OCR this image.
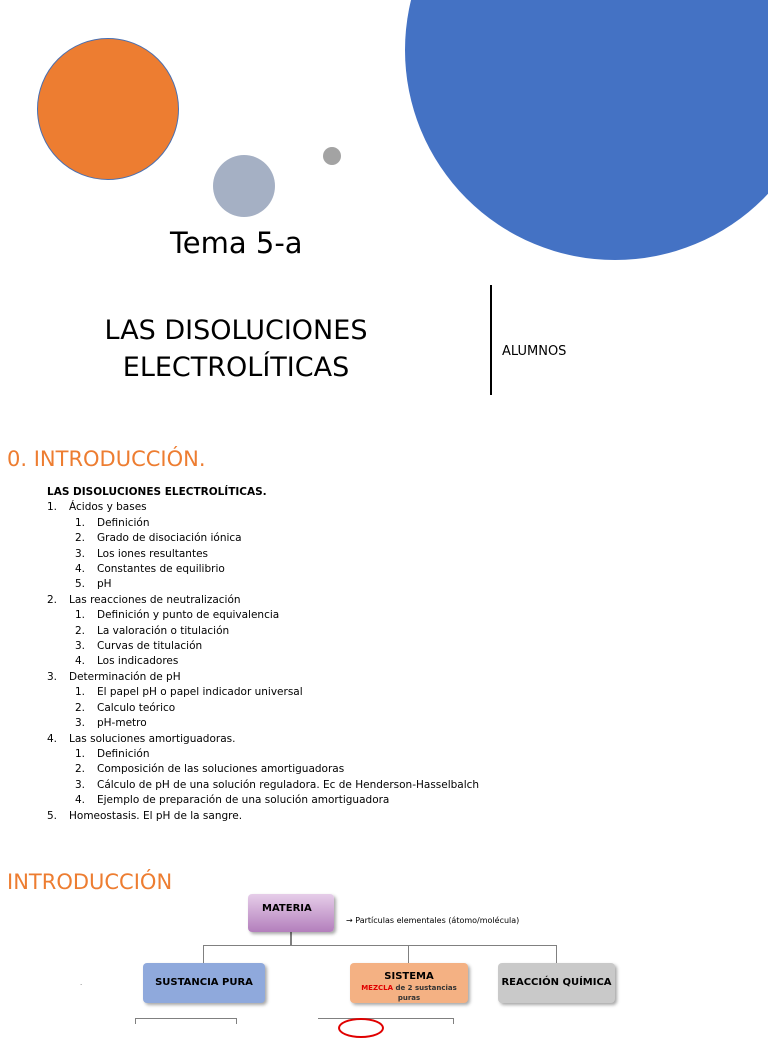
Tema 5-a
LAS DISOLUCIONES
ELECTROLÍTICAS
ALUMNOS
0. INTRODUCCIÓN.
LAS DISOLUCIONES ELECTROLÍTICAS.
1. Ácidos y bases
1. Definición
2. Grado de disociación iónica
3. Los iones resultantes
4. Constantes de equilibrio
5. pH
2. Las reacciones de neutralización
1. Definición y punto de equivalencia
2. La valoración o titulación
3. Curvas de titulación
4. Los indicadores
3. Determinación de pH
1. El papel pH o papel indicador universal
2. Calculo teórico
3. pH-metro
4. Las soluciones amortiguadoras.
1. Definición
2. Composición de las soluciones amortiguadoras
3. Cálculo de pH de una solución reguladora. Ec de Henderson-Hasselbalch
4. Ejemplo de preparación de una solución amortiguadora
5. Homeostasis. El pH de la sangre.
INTRODUCCIÓN
MATERIA
→ Partículas elementales (átomo/molécula)
SUSTANCIA PURA
SISTEMA
MEZCLA de 2 sustancias puras
REACCIÓN QUÍMICA
.
